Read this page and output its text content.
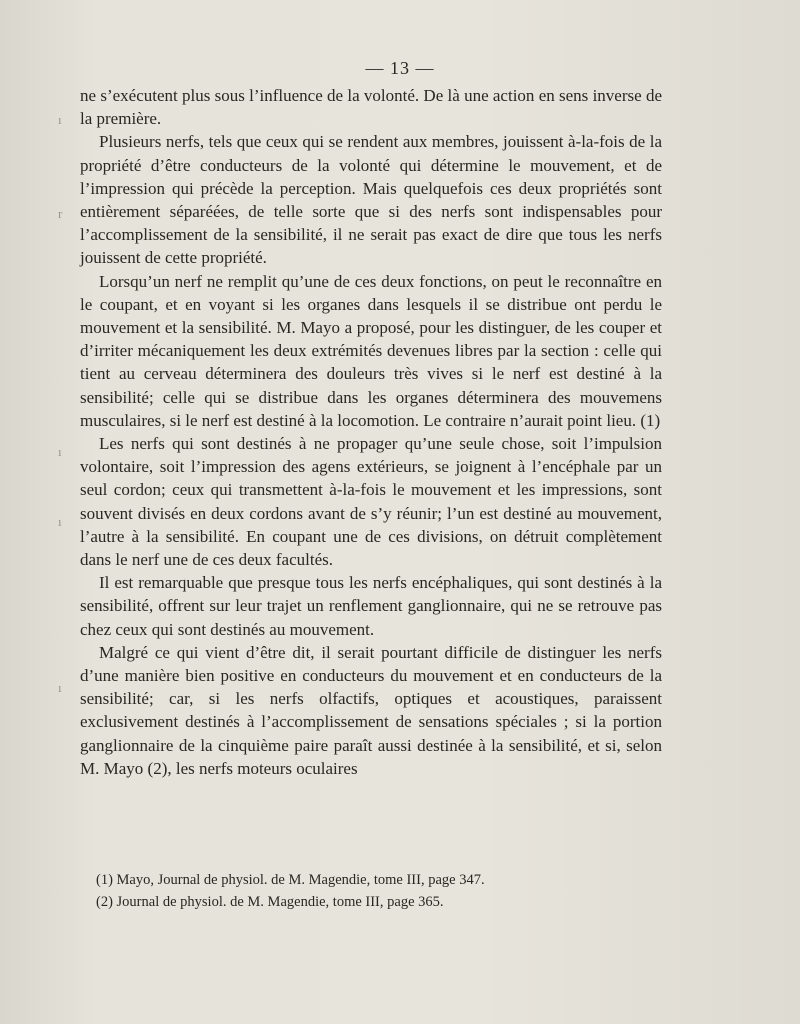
— 13 —

ne s’exécutent plus sous l’influence de la volonté. De là une action en sens inverse de la première.

Plusieurs nerfs, tels que ceux qui se rendent aux membres, jouissent à-la-fois de la propriété d’être conducteurs de la volonté qui détermine le mouvement, et de l’impression qui précède la perception. Mais quelquefois ces deux propriétés sont entièrement séparéées, de telle sorte que si des nerfs sont indispensables pour l’accomplissement de la sensibilité, il ne serait pas exact de dire que tous les nerfs jouissent de cette propriété.

Lorsqu’un nerf ne remplit qu’une de ces deux fonctions, on peut le reconnaître en le coupant, et en voyant si les organes dans lesquels il se distribue ont perdu le mouvement et la sensibilité. M. Mayo a proposé, pour les distinguer, de les couper et d’irriter mécaniquement les deux extrémités devenues libres par la section : celle qui tient au cerveau déterminera des douleurs très vives si le nerf est destiné à la sensibilité; celle qui se distribue dans les organes déterminera des mouvemens musculaires, si le nerf est destiné à la locomotion. Le contraire n’aurait point lieu. (1)

Les nerfs qui sont destinés à ne propager qu’une seule chose, soit l’impulsion volontaire, soit l’impression des agens extérieurs, se joignent à l’encéphale par un seul cordon; ceux qui transmettent à-la-fois le mouvement et les impressions, sont souvent divisés en deux cordons avant de s’y réunir; l’un est destiné au mouvement, l’autre à la sensibilité. En coupant une de ces divisions, on détruit complètement dans le nerf une de ces deux facultés.

Il est remarquable que presque tous les nerfs encéphaliques, qui sont destinés à la sensibilité, offrent sur leur trajet un renflement ganglionnaire, qui ne se retrouve pas chez ceux qui sont destinés au mouvement.

Malgré ce qui vient d’être dit, il serait pourtant difficile de distinguer les nerfs d’une manière bien positive en conducteurs du mouvement et en conducteurs de la sensibilité; car, si les nerfs olfactifs, optiques et acoustiques, paraissent exclusivement destinés à l’accomplissement de sensations spéciales ; si la portion ganglionnaire de la cinquième paire paraît aussi destinée à la sensibilité, et si, selon M. Mayo (2), les nerfs moteurs oculaires

(1) Mayo, Journal de physiol. de M. Magendie, tome III, page 347.
(2) Journal de physiol. de M. Magendie, tome III, page 365.
ı
r
ı
ı
ı
